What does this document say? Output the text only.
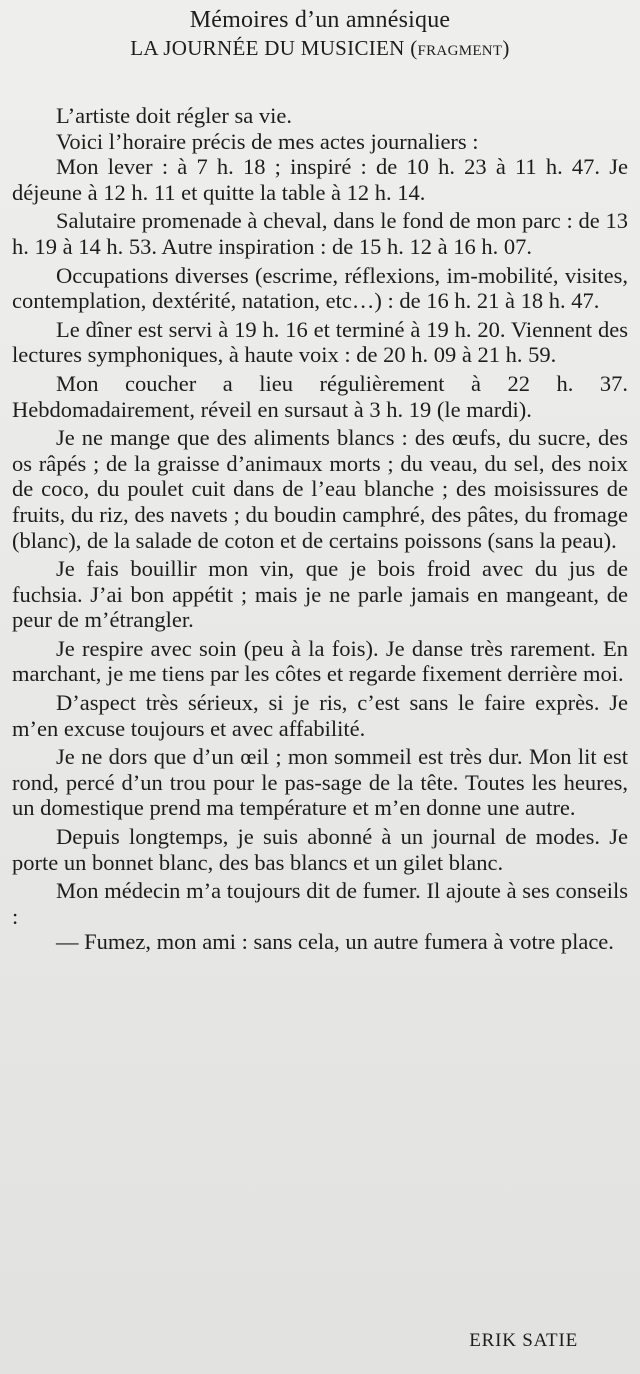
Mémoires d’un amnésique
LA JOURNÉE DU MUSICIEN (fragment)

L’artiste doit régler sa vie.

Voici l’horaire précis de mes actes journaliers :

Mon lever : à 7 h. 18 ; inspiré : de 10 h. 23 à 11 h. 47. Je déjeune à 12 h. 11 et quitte la table à 12 h. 14.

Salutaire promenade à cheval, dans le fond de mon parc : de 13 h. 19 à 14 h. 53. Autre inspiration : de 15 h. 12 à 16 h. 07.

Occupations diverses (escrime, réflexions, im-mobilité, visites, contemplation, dextérité, natation, etc…) : de 16 h. 21 à 18 h. 47.

Le dîner est servi à 19 h. 16 et terminé à 19 h. 20. Viennent des lectures symphoniques, à haute voix : de 20 h. 09 à 21 h. 59.

Mon coucher a lieu régulièrement à 22 h. 37. Hebdomadairement, réveil en sursaut à 3 h. 19 (le mardi).

Je ne mange que des aliments blancs : des œufs, du sucre, des os râpés ; de la graisse d’animaux morts ; du veau, du sel, des noix de coco, du poulet cuit dans de l’eau blanche ; des moisissures de fruits, du riz, des navets ; du boudin camphré, des pâtes, du fromage (blanc), de la salade de coton et de certains poissons (sans la peau).

Je fais bouillir mon vin, que je bois froid avec du jus de fuchsia. J’ai bon appétit ; mais je ne parle jamais en mangeant, de peur de m’étrangler.

Je respire avec soin (peu à la fois). Je danse très rarement. En marchant, je me tiens par les côtes et regarde fixement derrière moi.

D’aspect très sérieux, si je ris, c’est sans le faire exprès. Je m’en excuse toujours et avec affabilité.

Je ne dors que d’un œil ; mon sommeil est très dur. Mon lit est rond, percé d’un trou pour le pas-sage de la tête. Toutes les heures, un domestique prend ma température et m’en donne une autre.

Depuis longtemps, je suis abonné à un journal de modes. Je porte un bonnet blanc, des bas blancs et un gilet blanc.

Mon médecin m’a toujours dit de fumer. Il ajoute à ses conseils :

— Fumez, mon ami : sans cela, un autre fumera à votre place.

ERIK SATIE
